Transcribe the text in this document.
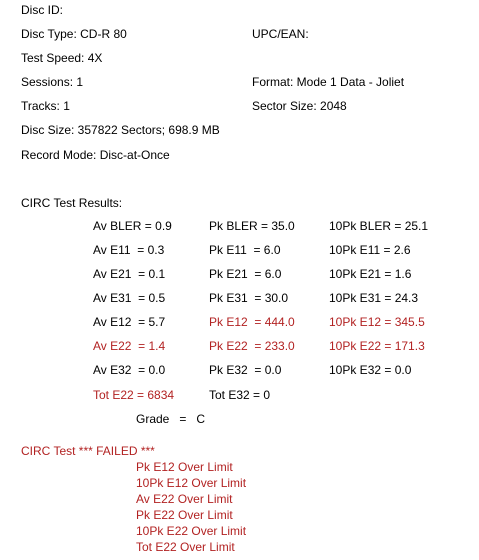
Disc ID:
Disc Type: CD-R 80	UPC/EAN:
Test Speed: 4X
Sessions: 1	Format: Mode 1 Data - Joliet
Tracks: 1	Sector Size: 2048
Disc Size: 357822 Sectors; 698.9 MB
Record Mode: Disc-at-Once
CIRC Test Results:
Av BLER = 0.9	Pk BLER = 35.0	10Pk BLER = 25.1
Av E11  = 0.3	Pk E11  = 6.0	10Pk E11 = 2.6
Av E21  = 0.1	Pk E21  = 6.0	10Pk E21 = 1.6
Av E31  = 0.5	Pk E31  = 30.0	10Pk E31 = 24.3
Av E12  = 5.7	Pk E12  = 444.0	10Pk E12 = 345.5
Av E22  = 1.4	Pk E22  = 233.0	10Pk E22 = 171.3
Av E32  = 0.0	Pk E32  = 0.0	10Pk E32 = 0.0
Tot E22 = 6834	Tot E32 = 0
Grade   =   C
CIRC Test *** FAILED ***
Pk E12 Over Limit
10Pk E12 Over Limit
Av E22 Over Limit
Pk E22 Over Limit
10Pk E22 Over Limit
Tot E22 Over Limit
